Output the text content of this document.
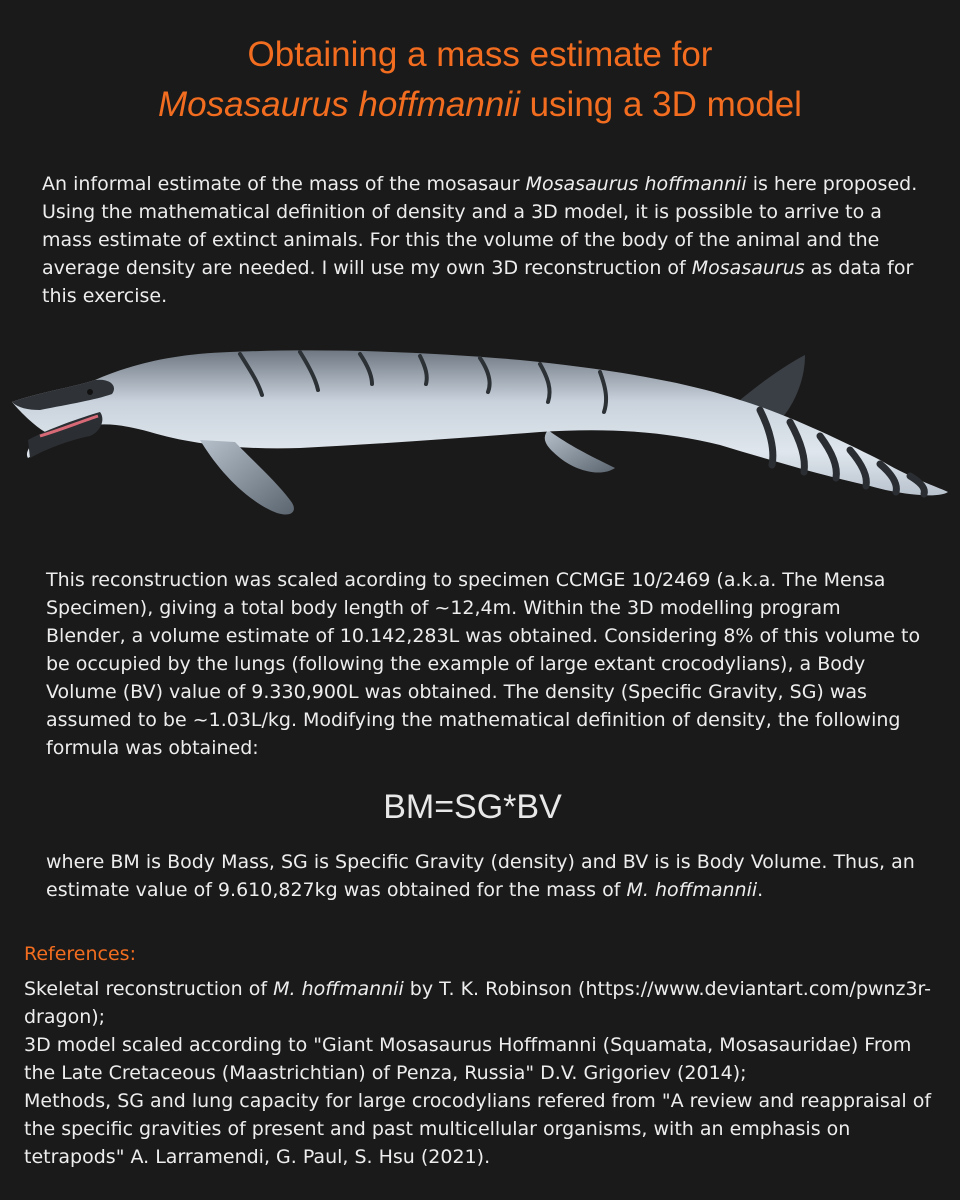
Obtaining a mass estimate for
Mosasaurus hoffmannii using a 3D model
An informal estimate of the mass of the mosasaur Mosasaurus hoffmannii is here proposed. Using the mathematical definition of density and a 3D model, it is possible to arrive to a mass estimate of extinct animals. For this the volume of the body of the animal and the average density are needed. I will use my own 3D reconstruction of Mosasaurus as data for this exercise.
This reconstruction was scaled acording to specimen CCMGE 10/2469 (a.k.a. The Mensa Specimen), giving a total body length of ~12,4m. Within the 3D modelling program Blender, a volume estimate of 10.142,283L was obtained. Considering 8% of this volume to be occupied by the lungs (following the example of large extant crocodylians), a Body Volume (BV) value of 9.330,900L was obtained. The density (Specific Gravity, SG) was assumed to be ~1.03L/kg. Modifying the mathematical definition of density, the following formula was obtained:
BM=SG*BV
where BM is Body Mass, SG is Specific Gravity (density) and BV is is Body Volume. Thus, an estimate value of 9.610,827kg was obtained for the mass of M. hoffmannii.
References:
Skeletal reconstruction of M. hoffmannii by T. K. Robinson (https://www.deviantart.com/pwnz3r-dragon);
3D model scaled according to "Giant Mosasaurus Hoffmanni (Squamata, Mosasauridae) From the Late Cretaceous (Maastrichtian) of Penza, Russia" D.V. Grigoriev (2014);
Methods, SG and lung capacity for large crocodylians refered from "A review and reappraisal of the specific gravities of present and past multicellular organisms, with an emphasis on tetrapods" A. Larramendi, G. Paul, S. Hsu (2021).
